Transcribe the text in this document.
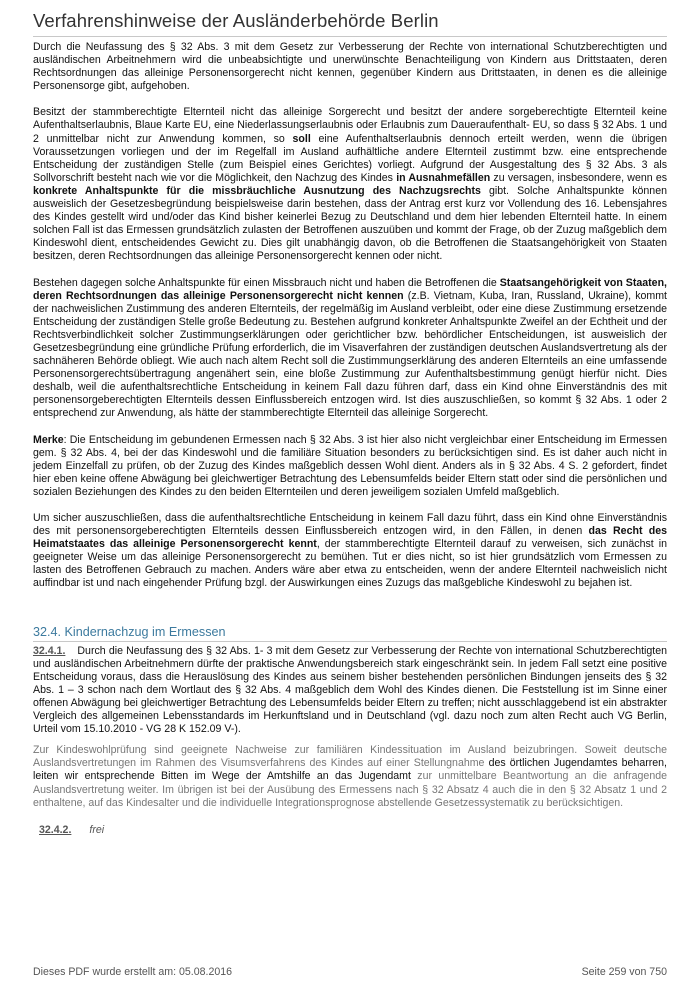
Verfahrenshinweise der Ausländerbehörde Berlin

Durch die Neufassung des § 32 Abs. 3 mit dem Gesetz zur Verbesserung der Rechte von international Schutzberechtigten und ausländischen Arbeitnehmern wird die unbeabsichtigte und unerwünschte Benachteiligung von Kindern aus Drittstaaten, deren Rechtsordnungen das alleinige Personensorgerecht nicht kennen, gegenüber Kindern aus Drittstaaten, in denen es die alleinige Personensorge gibt, aufgehoben.

Besitzt der stammberechtigte Elternteil nicht das alleinige Sorgerecht und besitzt der andere sorgeberechtigte Elternteil keine Aufenthaltserlaubnis, Blaue Karte EU, eine Niederlassungserlaubnis oder Erlaubnis zum Daueraufenthalt- EU, so dass § 32 Abs. 1 und 2 unmittelbar nicht zur Anwendung kommen, so soll eine Aufenthaltserlaubnis dennoch erteilt werden, wenn die übrigen Voraussetzungen vorliegen und der im Regelfall im Ausland aufhältliche andere Elternteil zustimmt bzw. eine entsprechende Entscheidung der zuständigen Stelle (zum Beispiel eines Gerichtes) vorliegt. Aufgrund der Ausgestaltung des § 32 Abs. 3 als Sollvorschrift besteht nach wie vor die Möglichkeit, den Nachzug des Kindes in Ausnahmefällen zu versagen, insbesondere, wenn es konkrete Anhaltspunkte für die missbräuchliche Ausnutzung des Nachzugsrechts gibt. Solche Anhaltspunkte können ausweislich der Gesetzesbegründung beispielsweise darin bestehen, dass der Antrag erst kurz vor Vollendung des 16. Lebensjahres des Kindes gestellt wird und/oder das Kind bisher keinerlei Bezug zu Deutschland und dem hier lebenden Elternteil hatte. In einem solchen Fall ist das Ermessen grundsätzlich zulasten der Betroffenen auszuüben und kommt der Frage, ob der Zuzug maßgeblich dem Kindeswohl dient, entscheidendes Gewicht zu. Dies gilt unabhängig davon, ob die Betroffenen die Staatsangehörigkeit von Staaten besitzen, deren Rechtsordnungen das alleinige Personensorgerecht kennen oder nicht.

Bestehen dagegen solche Anhaltspunkte für einen Missbrauch nicht und haben die Betroffenen die Staatsangehörigkeit von Staaten, deren Rechtsordnungen das alleinige Personensorgerecht nicht kennen (z.B. Vietnam, Kuba, Iran, Russland, Ukraine), kommt der nachweislichen Zustimmung des anderen Elternteils, der regelmäßig im Ausland verbleibt, oder eine diese Zustimmung ersetzende Entscheidung der zuständigen Stelle große Bedeutung zu. Bestehen aufgrund konkreter Anhaltspunkte Zweifel an der Echtheit und der Rechtsverbindlichkeit solcher Zustimmungserklärungen oder gerichtlicher bzw. behördlicher Entscheidungen, ist ausweislich der Gesetzesbegründung eine gründliche Prüfung erforderlich, die im Visaverfahren der zuständigen deutschen Auslandsvertretung als der sachnäheren Behörde obliegt. Wie auch nach altem Recht soll die Zustimmungserklärung des anderen Elternteils an eine umfassende Personensorgerechtsübertragung angenähert sein, eine bloße Zustimmung zur Aufenthaltsbestimmung genügt hierfür nicht. Dies deshalb, weil die aufenthaltsrechtliche Entscheidung in keinem Fall dazu führen darf, dass ein Kind ohne Einverständnis des mit personensorgeberechtigten Elternteils dessen Einflussbereich entzogen wird. Ist dies auszuschließen, so kommt § 32 Abs. 1 oder 2 entsprechend zur Anwendung, als hätte der stammberechtigte Elternteil das alleinige Sorgerecht.

Merke: Die Entscheidung im gebundenen Ermessen nach § 32 Abs. 3 ist hier also nicht vergleichbar einer Entscheidung im Ermessen gem. § 32 Abs. 4, bei der das Kindeswohl und die familiäre Situation besonders zu berücksichtigen sind. Es ist daher auch nicht in jedem Einzelfall zu prüfen, ob der Zuzug des Kindes maßgeblich dessen Wohl dient. Anders als in § 32 Abs. 4 S. 2 gefordert, findet hier eben keine offene Abwägung bei gleichwertiger Betrachtung des Lebensumfelds beider Eltern statt oder sind die persönlichen und sozialen Beziehungen des Kindes zu den beiden Elternteilen und deren jeweiligem sozialen Umfeld maßgeblich.

Um sicher auszuschließen, dass die aufenthaltsrechtliche Entscheidung in keinem Fall dazu führt, dass ein Kind ohne Einverständnis des mit personensorgeberechtigten Elternteils dessen Einflussbereich entzogen wird, in den Fällen, in denen das Recht des Heimatstaates das alleinige Personensorgerecht kennt, der stammberechtigte Elternteil darauf zu verweisen, sich zunächst in geeigneter Weise um das alleinige Personensorgerecht zu bemühen. Tut er dies nicht, so ist hier grundsätzlich vom Ermessen zu lasten des Betroffenen Gebrauch zu machen. Anders wäre aber etwa zu entscheiden, wenn der andere Elternteil nachweislich nicht auffindbar ist und nach eingehender Prüfung bzgl. der Auswirkungen eines Zuzugs das maßgebliche Kindeswohl zu bejahen ist.

32.4. Kindernachzug im Ermessen

32.4.1. Durch die Neufassung des § 32 Abs. 1- 3 mit dem Gesetz zur Verbesserung der Rechte von international Schutzberechtigten und ausländischen Arbeitnehmern dürfte der praktische Anwendungsbereich stark eingeschränkt sein. In jedem Fall setzt eine positive Entscheidung voraus, dass die Herauslösung des Kindes aus seinem bisher bestehenden persönlichen Bindungen jenseits des § 32 Abs. 1 – 3 schon nach dem Wortlaut des § 32 Abs. 4 maßgeblich dem Wohl des Kindes dienen. Die Feststellung ist im Sinne einer offenen Abwägung bei gleichwertiger Betrachtung des Lebensumfelds beider Eltern zu treffen; nicht ausschlaggebend ist ein abstrakter Vergleich des allgemeinen Lebensstandards im Herkunftsland und in Deutschland (vgl. dazu noch zum alten Recht auch VG Berlin, Urteil vom 15.10.2010 - VG 28 K 152.09 V-).

Zur Kindeswohlprüfung sind geeignete Nachweise zur familiären Kindessituation im Ausland beizubringen. Soweit deutsche Auslandsvertretungen im Rahmen des Visumsverfahrens des Kindes auf einer Stellungnahme des örtlichen Jugendamtes beharren, leiten wir entsprechende Bitten im Wege der Amtshilfe an das Jugendamt zur unmittelbare Beantwortung an die anfragende Auslandsvertretung weiter. Im übrigen ist bei der Ausübung des Ermessens nach § 32 Absatz 4 auch die in den § 32 Absatz 1 und 2 enthaltene, auf das Kindesalter und die individuelle Integrationsprognose abstellende Gesetzessystematik zu berücksichtigen.

32.4.2. frei
Dieses PDF wurde erstellt am: 05.08.2016	Seite 259 von 750
